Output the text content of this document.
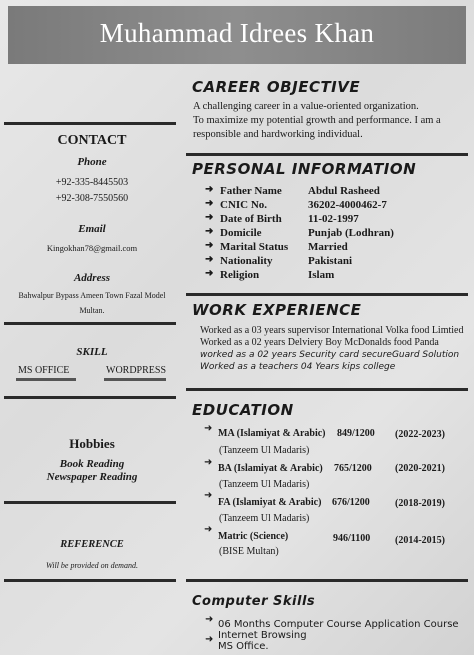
Muhammad Idrees Khan
CONTACT
Phone
+92-335-8445503
+92-308-7550560
Email
Kingokhan78@gmail.com
Address
Bahwalpur Bypass Ameen Town Fazal Model
Multan.
SKILL
MS OFFICE	WORDPRESS
Hobbies
Book Reading
Newspaper Reading
REFERENCE
Will be provided on demand.
CAREER OBJECTIVE
A challenging career in a value-oriented organization.
To maximize my potential growth and performance. I am a
responsible and hardworking individual.
PERSONAL INFORMATION
➜ Father Name Abdul Rasheed
➜ CNIC No.	36202-4000462-7
➜ Date of Birth 11-02-1997
➜ Domicile	Punjab (Lodhran)
➜ Marital Status Married
➜ Nationality	Pakistani
➜ Religion	Islam
WORK EXPERIENCE
Worked as a 03 years supervisor International Volka food Limtied
Worked as a 02 years Delviery Boy McDonalds food Panda
worked as a 02 years Security card secureGuard Solution
Worked as a teachers 04 Years kips college
EDUCATION
➜ MA (Islamiyat & Arabic) 849/1200 (2022-2023)
(Tanzeem Ul Madaris)
➜
BA (Islamiyat & Arabic) 765/1200 (2020-2021)
(Tanzeem Ul Madaris)
➜
FA (Islamiyat & Arabic) 676/1200	(2018-2019)
(Tanzeem Ul Madaris)
➜
Matric (Science)	946/1100 (2014-2015)
(BISE Multan)
Computer Skills
➜ 06 Months Computer Course Application Course
Internet Browsing
➜
MS Office.
